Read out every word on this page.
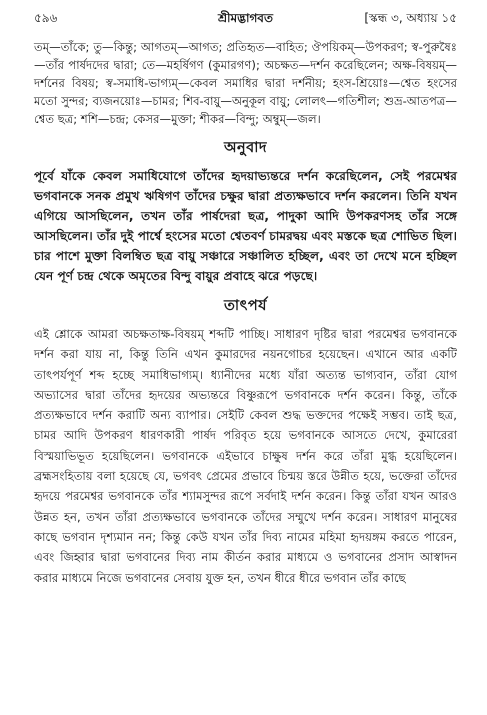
৫৯৬	শ্রীমদ্ভাগবত	[স্কন্ধ ৩, অধ্যায় ১৫

তম্—তাঁকে; তু—কিন্তু; আগতম্—আগত; প্রতিহৃত—বাহিত; ঔপয়িকম্—উপকরণ; স্ব-পুরুষৈঃ—তাঁর পার্ষদদের দ্বারা; তে—মহর্ষিগণ (কুমারগণ); অচক্ষত—দর্শন করেছিলেন; অক্ষ-বিষয়ম্—দর্শনের বিষয়; স্ব-সমাধি-ভাগ্যম্—কেবল সমাধির দ্বারা দর্শনীয়; হংস-শ্রিয়োঃ—শ্বেত হংসের মতো সুন্দর; ব্যজনয়োঃ—চামর; শিব-বায়ু—অনুকূল বায়ু; লোলৎ—গতিশীল; শুভ্র-আতপত্র—শ্বেত ছত্র; শশি—চন্দ্র; কেসর—মুক্তা; শীকর—বিন্দু; অম্বুম্—জল।

অনুবাদ

পূর্বে যাঁকে কেবল সমাধিযোগে তাঁদের হৃদয়াভ্যন্তরে দর্শন করেছিলেন, সেই পরমেশ্বর ভগবানকে সনক প্রমুখ ঋষিগণ তাঁদের চক্ষুর দ্বারা প্রত্যক্ষভাবে দর্শন করলেন। তিনি যখন এগিয়ে আসছিলেন, তখন তাঁর পার্ষদেরা ছত্র, পাদুকা আদি উপকরণসহ তাঁর সঙ্গে আসছিলেন। তাঁর দুই পার্শ্বে হংসের মতো শ্বেতবর্ণ চামরদ্বয় এবং মস্তকে ছত্র শোভিত ছিল। চার পাশে মুক্তা বিলম্বিত ছত্র বায়ু সঞ্চারে সঞ্চালিত হচ্ছিল, এবং তা দেখে মনে হচ্ছিল যেন পূর্ণ চন্দ্র থেকে অমৃতের বিন্দু বায়ুর প্রবাহে ঝরে পড়ছে।

তাৎপর্য

এই শ্লোকে আমরা অচক্ষতাক্ষ-বিষয়ম্ শব্দটি পাচ্ছি। সাধারণ দৃষ্টির দ্বারা পরমেশ্বর ভগবানকে দর্শন করা যায় না, কিন্তু তিনি এখন কুমারদের নয়নগোচর হয়েছেন। এখানে আর একটি তাৎপর্যপূর্ণ শব্দ হচ্ছে সমাধিভাগ্যম্। ধ্যানীদের মধ্যে যাঁরা অত্যন্ত ভাগ্যবান, তাঁরা যোগ অভ্যাসের দ্বারা তাঁদের হৃদয়ের অভ্যন্তরে বিষ্ণুরূপে ভগবানকে দর্শন করেন। কিন্তু, তাঁকে প্রত্যক্ষভাবে দর্শন করাটি অন্য ব্যাপার। সেইটি কেবল শুদ্ধ ভক্তদের পক্ষেই সম্ভব। তাই ছত্র, চামর আদি উপকরণ ধারণকারী পার্ষদ পরিবৃত হয়ে ভগবানকে আসতে দেখে, কুমারেরা বিস্ময়াভিভূত হয়েছিলেন। ভগবানকে এইভাবে চাক্ষুষ দর্শন করে তাঁরা মুগ্ধ হয়েছিলেন। ব্রহ্মসংহিতায় বলা হয়েছে যে, ভগবৎ প্রেমের প্রভাবে চিন্ময় স্তরে উন্নীত হয়ে, ভক্তেরা তাঁদের হৃদয়ে পরমেশ্বর ভগবানকে তাঁর শ্যামসুন্দর রূপে সর্বদাই দর্শন করেন। কিন্তু তাঁরা যখন আরও উন্নত হন, তখন তাঁরা প্রত্যক্ষভাবে ভগবানকে তাঁদের সম্মুখে দর্শন করেন। সাধারণ মানুষের কাছে ভগবান দৃশ্যমান নন; কিন্তু কেউ যখন তাঁর দিব্য নামের মহিমা হৃদয়ঙ্গম করতে পারেন, এবং জিহ্বার দ্বারা ভগবানের দিব্য নাম কীর্তন করার মাধ্যমে ও ভগবানের প্রসাদ আস্বাদন করার মাধ্যমে নিজে ভগবানের সেবায় যুক্ত হন, তখন ধীরে ধীরে ভগবান তাঁর কাছে
